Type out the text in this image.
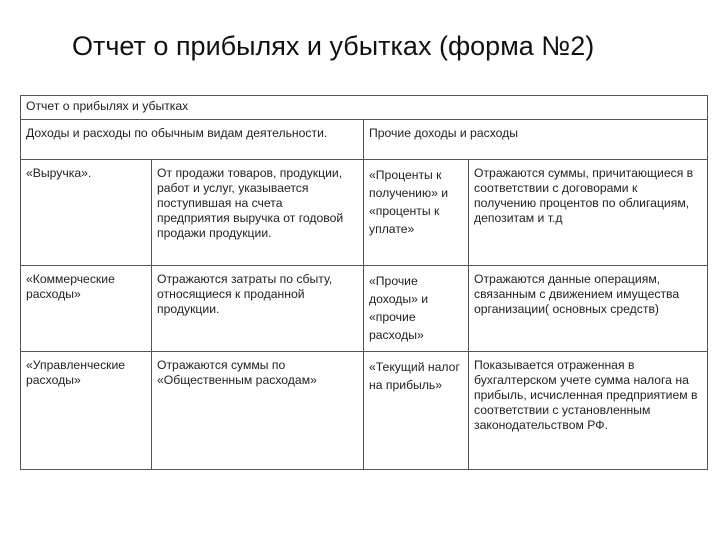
Отчет о прибылях и убытках (форма №2)
Отчет о прибылях и убытках			

Доходы и расходы по обычным видам деятельности.		Прочие доходы и расходы	

«Выручка».	От продажи товаров, продукции, работ и услуг, указывается поступившая на счета предприятия выручка от годовой продажи продукции.	«Проценты к получению» и «проценты к уплате»	Отражаются суммы, причитающиеся в соответствии с договорами к получению процентов по облигациям, депозитам и т.д

«Коммерческие расходы»	Отражаются затраты по сбыту, относящиеся к проданной продукции.	«Прочие доходы» и «прочие расходы»	Отражаются данные операциям, связанным с движением имущества организации( основных средств)

«Управленческие расходы»	Отражаются суммы по «Общественным расходам»	«Текущий налог на прибыль»	Показывается отраженная в бухгалтерском учете сумма налога на прибыль, исчисленная предприятием в соответствии с установленным законодательством РФ.
